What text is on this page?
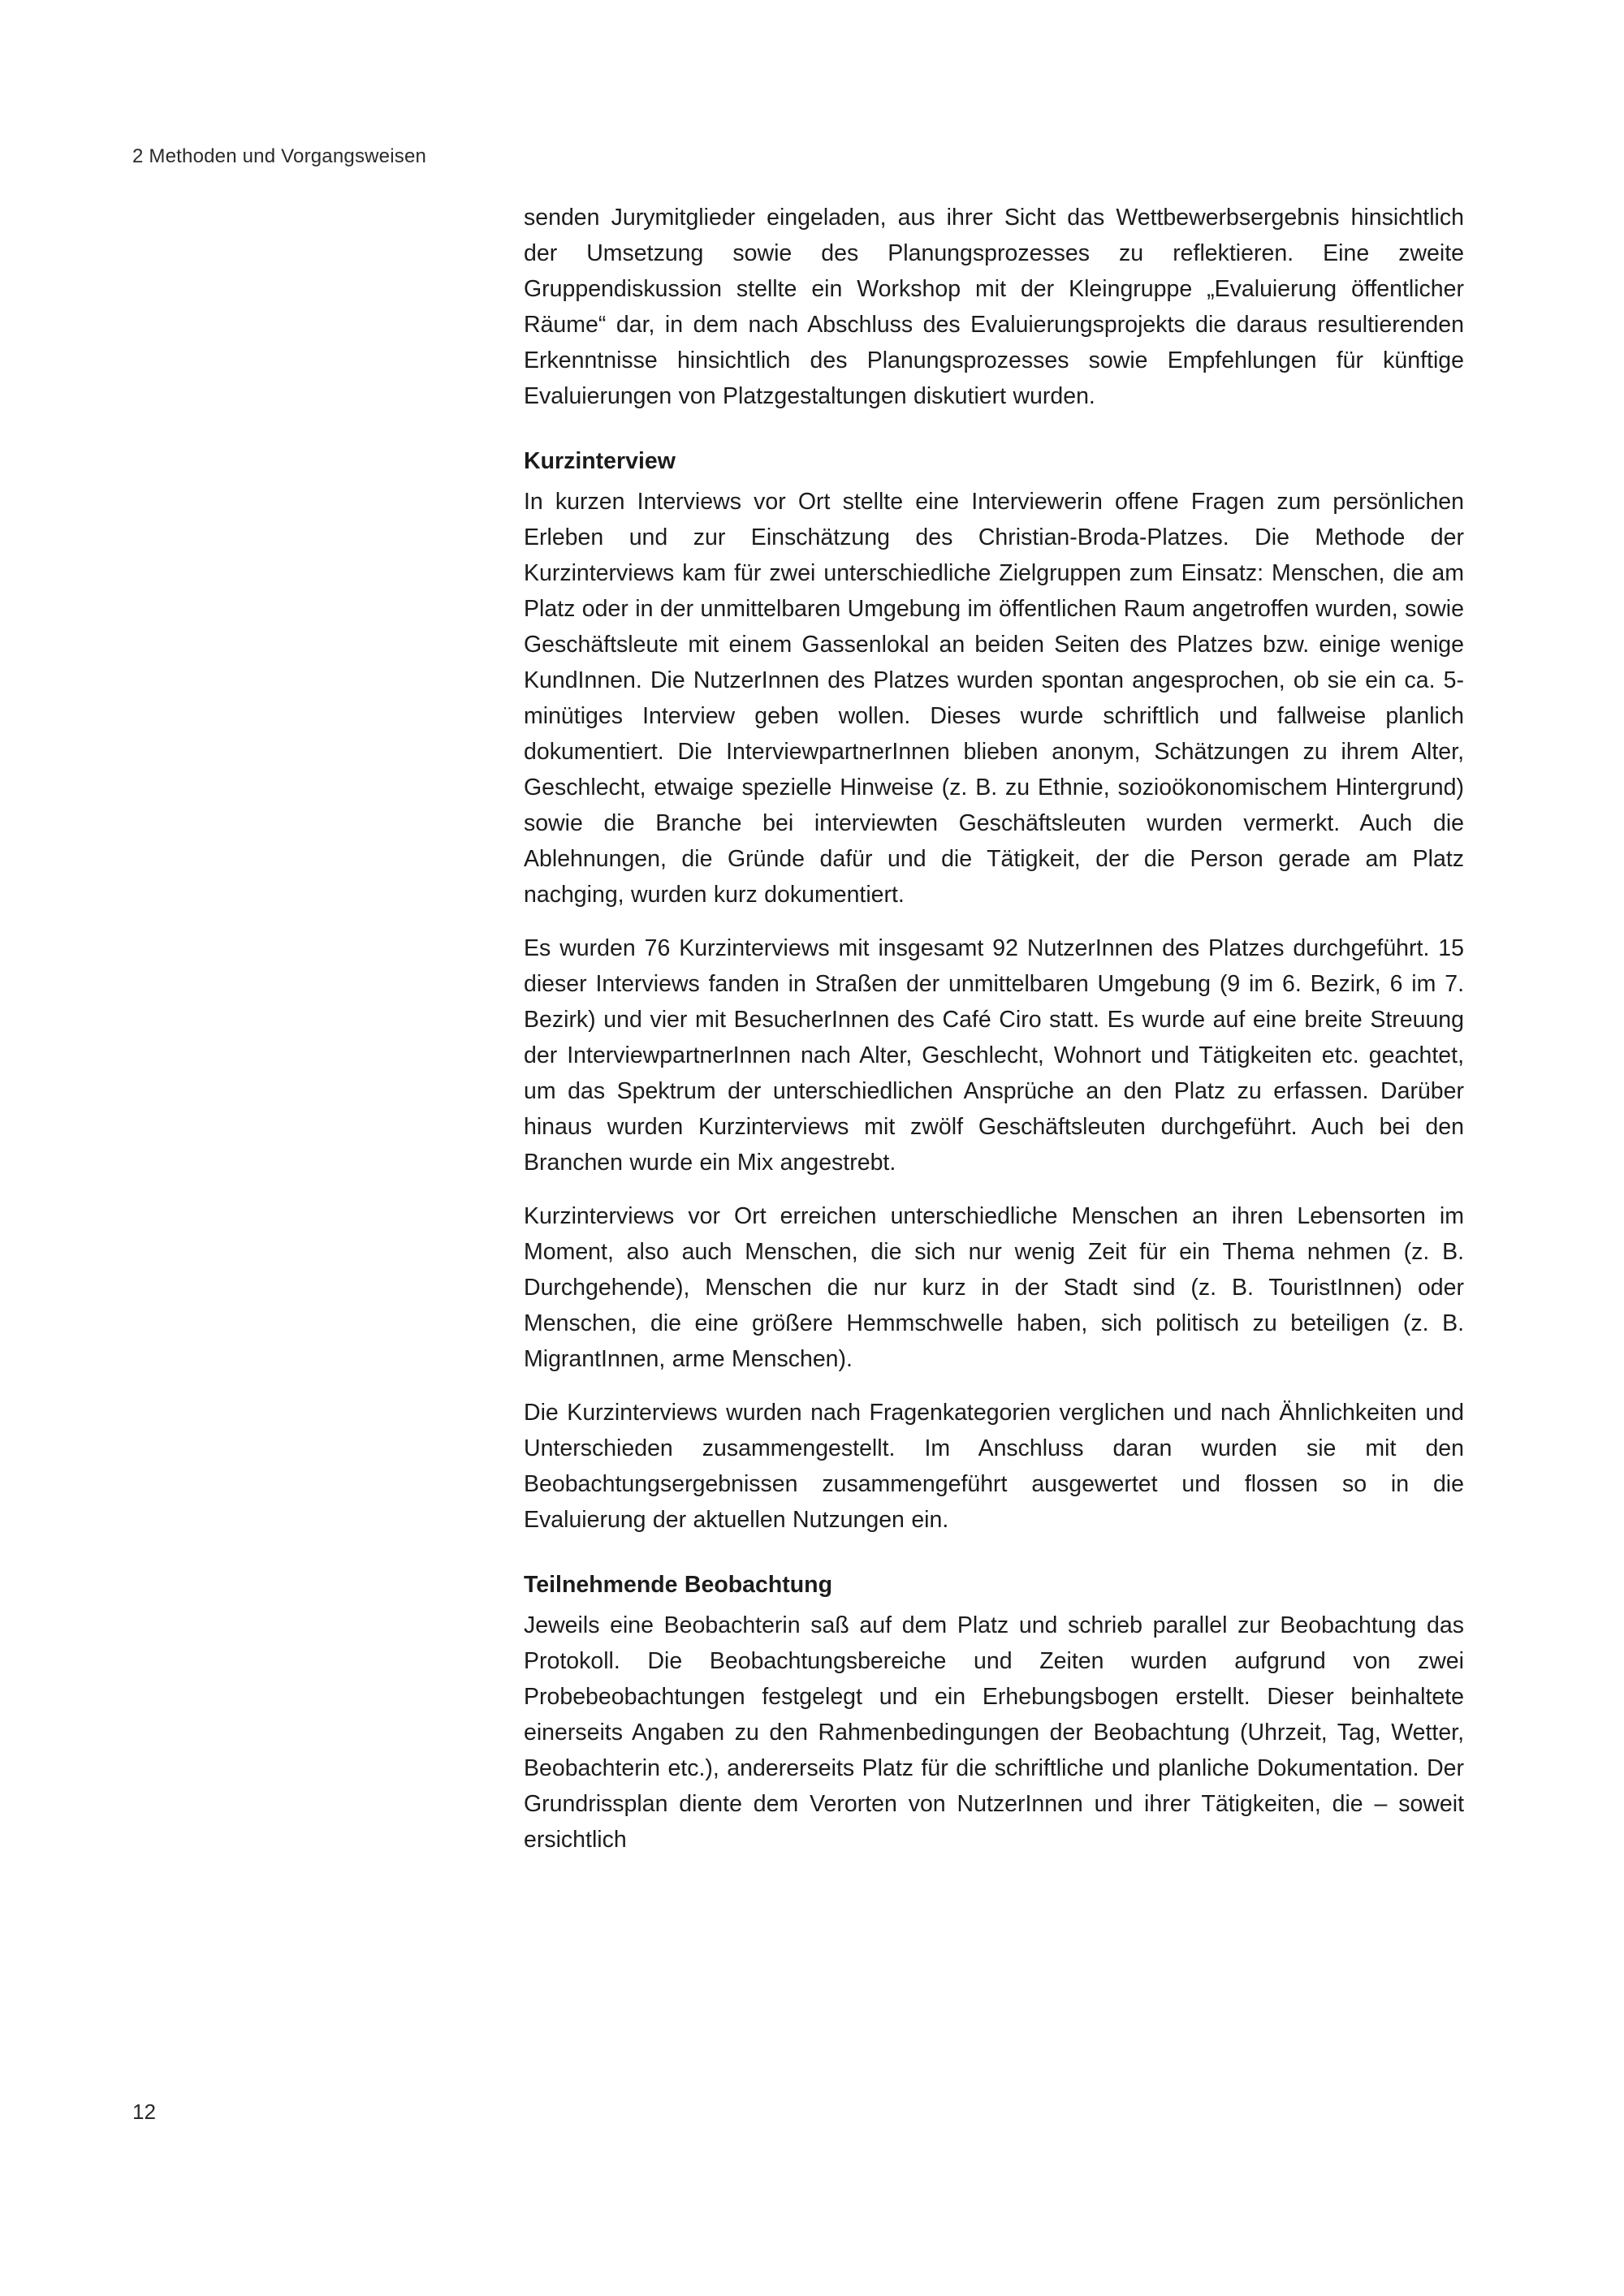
2 Methoden und Vorgangsweisen

senden Jurymitglieder eingeladen, aus ihrer Sicht das Wettbewerbsergebnis hinsichtlich der Umsetzung sowie des Planungsprozesses zu reflektieren. Eine zweite Gruppendiskussion stellte ein Workshop mit der Kleingruppe „Evaluierung öffentlicher Räume“ dar, in dem nach Abschluss des Evaluierungsprojekts die daraus resultierenden Erkenntnisse hinsichtlich des Planungsprozesses sowie Empfehlungen für künftige Evaluierungen von Platzgestaltungen diskutiert wurden.

Kurzinterview

In kurzen Interviews vor Ort stellte eine Interviewerin offene Fragen zum persönlichen Erleben und zur Einschätzung des Christian-Broda-Platzes. Die Methode der Kurzinterviews kam für zwei unterschiedliche Zielgruppen zum Einsatz: Menschen, die am Platz oder in der unmittelbaren Umgebung im öffentlichen Raum angetroffen wurden, sowie Geschäftsleute mit einem Gassenlokal an beiden Seiten des Platzes bzw. einige wenige KundInnen. Die NutzerInnen des Platzes wurden spontan angesprochen, ob sie ein ca. 5-minütiges Interview geben wollen. Dieses wurde schriftlich und fallweise planlich dokumentiert. Die InterviewpartnerInnen blieben anonym, Schätzungen zu ihrem Alter, Geschlecht, etwaige spezielle Hinweise (z. B. zu Ethnie, sozioökonomischem Hintergrund) sowie die Branche bei interviewten Geschäftsleuten wurden vermerkt. Auch die Ablehnungen, die Gründe dafür und die Tätigkeit, der die Person gerade am Platz nachging, wurden kurz dokumentiert.

Es wurden 76 Kurzinterviews mit insgesamt 92 NutzerInnen des Platzes durchgeführt. 15 dieser Interviews fanden in Straßen der unmittelbaren Umgebung (9 im 6. Bezirk, 6 im 7. Bezirk) und vier mit BesucherInnen des Café Ciro statt. Es wurde auf eine breite Streuung der InterviewpartnerInnen nach Alter, Geschlecht, Wohnort und Tätigkeiten etc. geachtet, um das Spektrum der unterschiedlichen Ansprüche an den Platz zu erfassen. Darüber hinaus wurden Kurzinterviews mit zwölf Geschäftsleuten durchgeführt. Auch bei den Branchen wurde ein Mix angestrebt.

Kurzinterviews vor Ort erreichen unterschiedliche Menschen an ihren Lebensorten im Moment, also auch Menschen, die sich nur wenig Zeit für ein Thema nehmen (z. B. Durchgehende), Menschen die nur kurz in der Stadt sind (z. B. TouristInnen) oder Menschen, die eine größere Hemmschwelle haben, sich politisch zu beteiligen (z. B. MigrantInnen, arme Menschen).

Die Kurzinterviews wurden nach Fragenkategorien verglichen und nach Ähnlichkeiten und Unterschieden zusammengestellt. Im Anschluss daran wurden sie mit den Beobachtungsergebnissen zusammengeführt ausgewertet und flossen so in die Evaluierung der aktuellen Nutzungen ein.

Teilnehmende Beobachtung

Jeweils eine Beobachterin saß auf dem Platz und schrieb parallel zur Beobachtung das Protokoll. Die Beobachtungsbereiche und Zeiten wurden aufgrund von zwei Probebeobachtungen festgelegt und ein Erhebungsbogen erstellt. Dieser beinhaltete einerseits Angaben zu den Rahmenbedingungen der Beobachtung (Uhrzeit, Tag, Wetter, Beobachterin etc.), andererseits Platz für die schriftliche und planliche Dokumentation. Der Grundrissplan diente dem Verorten von NutzerInnen und ihrer Tätigkeiten, die – soweit ersichtlich

12
